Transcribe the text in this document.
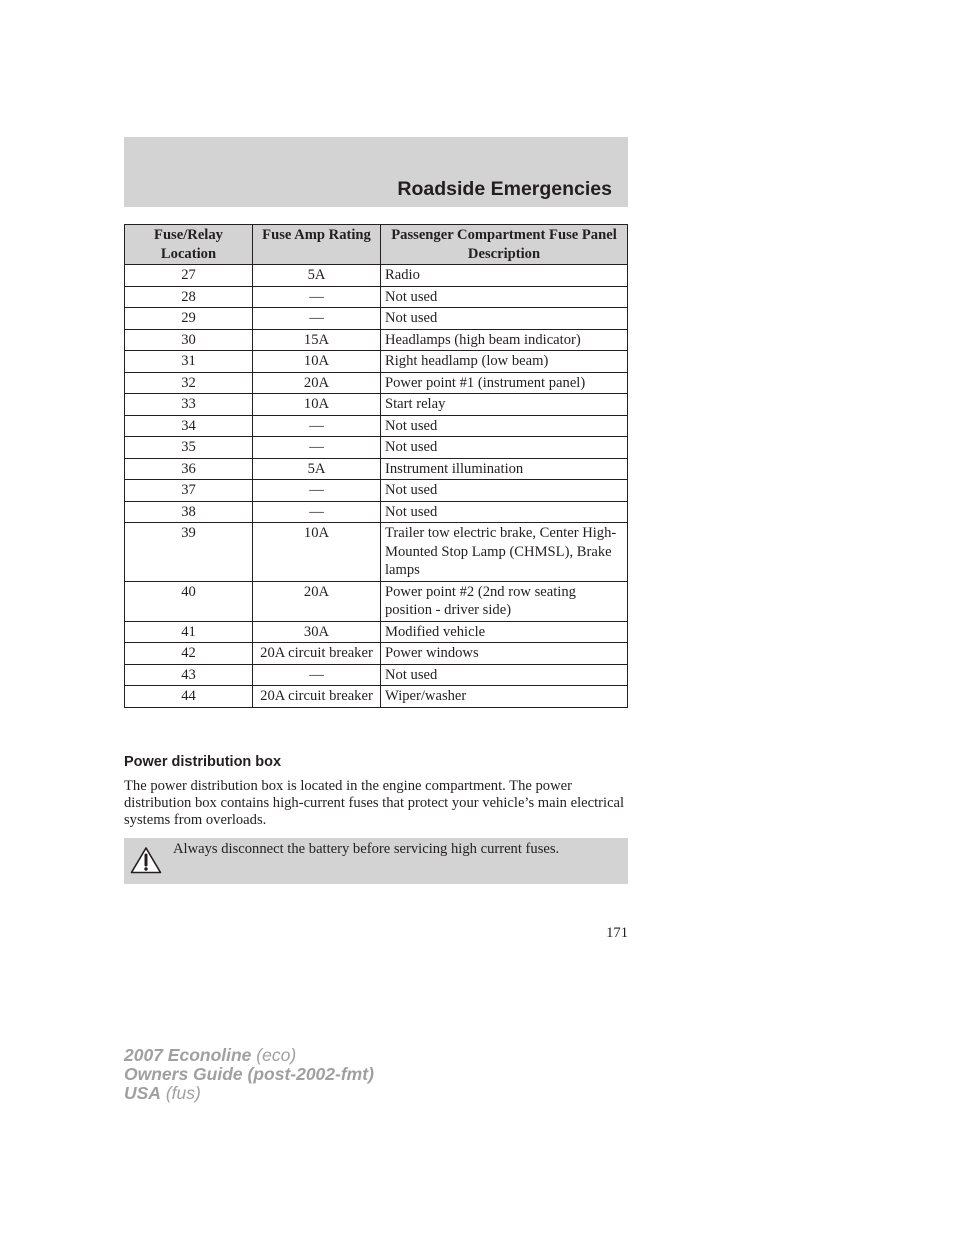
Roadside Emergencies
Fuse/Relay Location	Fuse Amp Rating	Passenger Compartment Fuse Panel Description
27	5A	Radio
28	—	Not used
29	—	Not used
30	15A	Headlamps (high beam indicator)
31	10A	Right headlamp (low beam)
32	20A	Power point #1 (instrument panel)
33	10A	Start relay
34	—	Not used
35	—	Not used
36	5A	Instrument illumination
37	—	Not used
38	—	Not used
39	10A	Trailer tow electric brake, Center High-Mounted Stop Lamp (CHMSL), Brake lamps
40	20A	Power point #2 (2nd row seating position - driver side)
41	30A	Modified vehicle
42	20A circuit breaker	Power windows
43	—	Not used
44	20A circuit breaker	Wiper/washer
Power distribution box

The power distribution box is located in the engine compartment. The power distribution box contains high-current fuses that protect your vehicle’s main electrical systems from overloads.

Always disconnect the battery before servicing high current fuses.

171

2007 Econoline (eco)
Owners Guide (post-2002-fmt)
USA (fus)
